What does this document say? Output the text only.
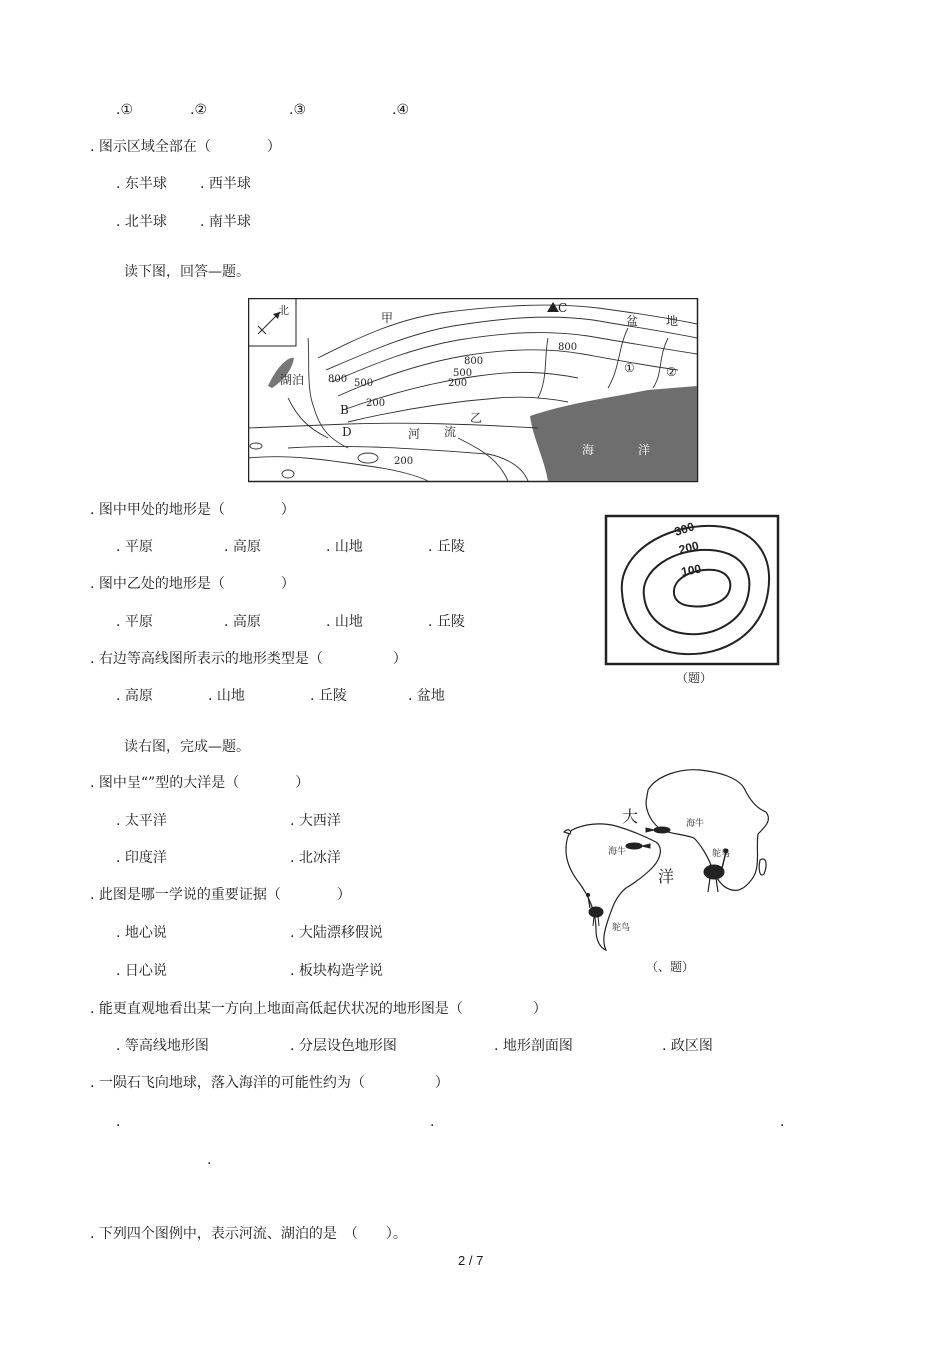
.①	.②	.③	.④
. 图示区域全部在（　　　　）
. 东半球 . 西半球
. 北半球 . 南半球
读下图，回答—题。
北
甲
乙
盆 地
湖泊
河 流
海	洋
B
D
C
①	②
800 500
200
800
500
200
800
200
. 图中甲处的地形是（　　　　）
. 平原	. 高原	. 山地	. 丘陵
. 图中乙处的地形是（　　　　）
. 平原	. 高原	. 山地	. 丘陵
. 右边等高线图所表示的地形类型是（　　　　　）
. 高原	. 山地	. 丘陵	. 盆地
300
200
100
（题）
读右图，完成—题。
. 图中呈“”型的大洋是（　　　　）
. 太平洋	. 大西洋
. 印度洋	. 北冰洋
. 此图是哪一学说的重要证据（　　　　）
. 地心说	. 大陆漂移假说
. 日心说	. 板块构造学说
大
洋
海牛
海牛	鸵鸟
鸵鸟
（、题）
. 能更直观地看出某一方向上地面高低起伏状况的地形图是（　　　　　）
. 等高线地形图	. 分层设色地形图	. 地形剖面图	. 政区图
. 一陨石飞向地球，落入海洋的可能性约为（　　　　　）
.	.	.
.
. 下列四个图例中，表示河流、湖泊的是　（　　）。
2 / 7
